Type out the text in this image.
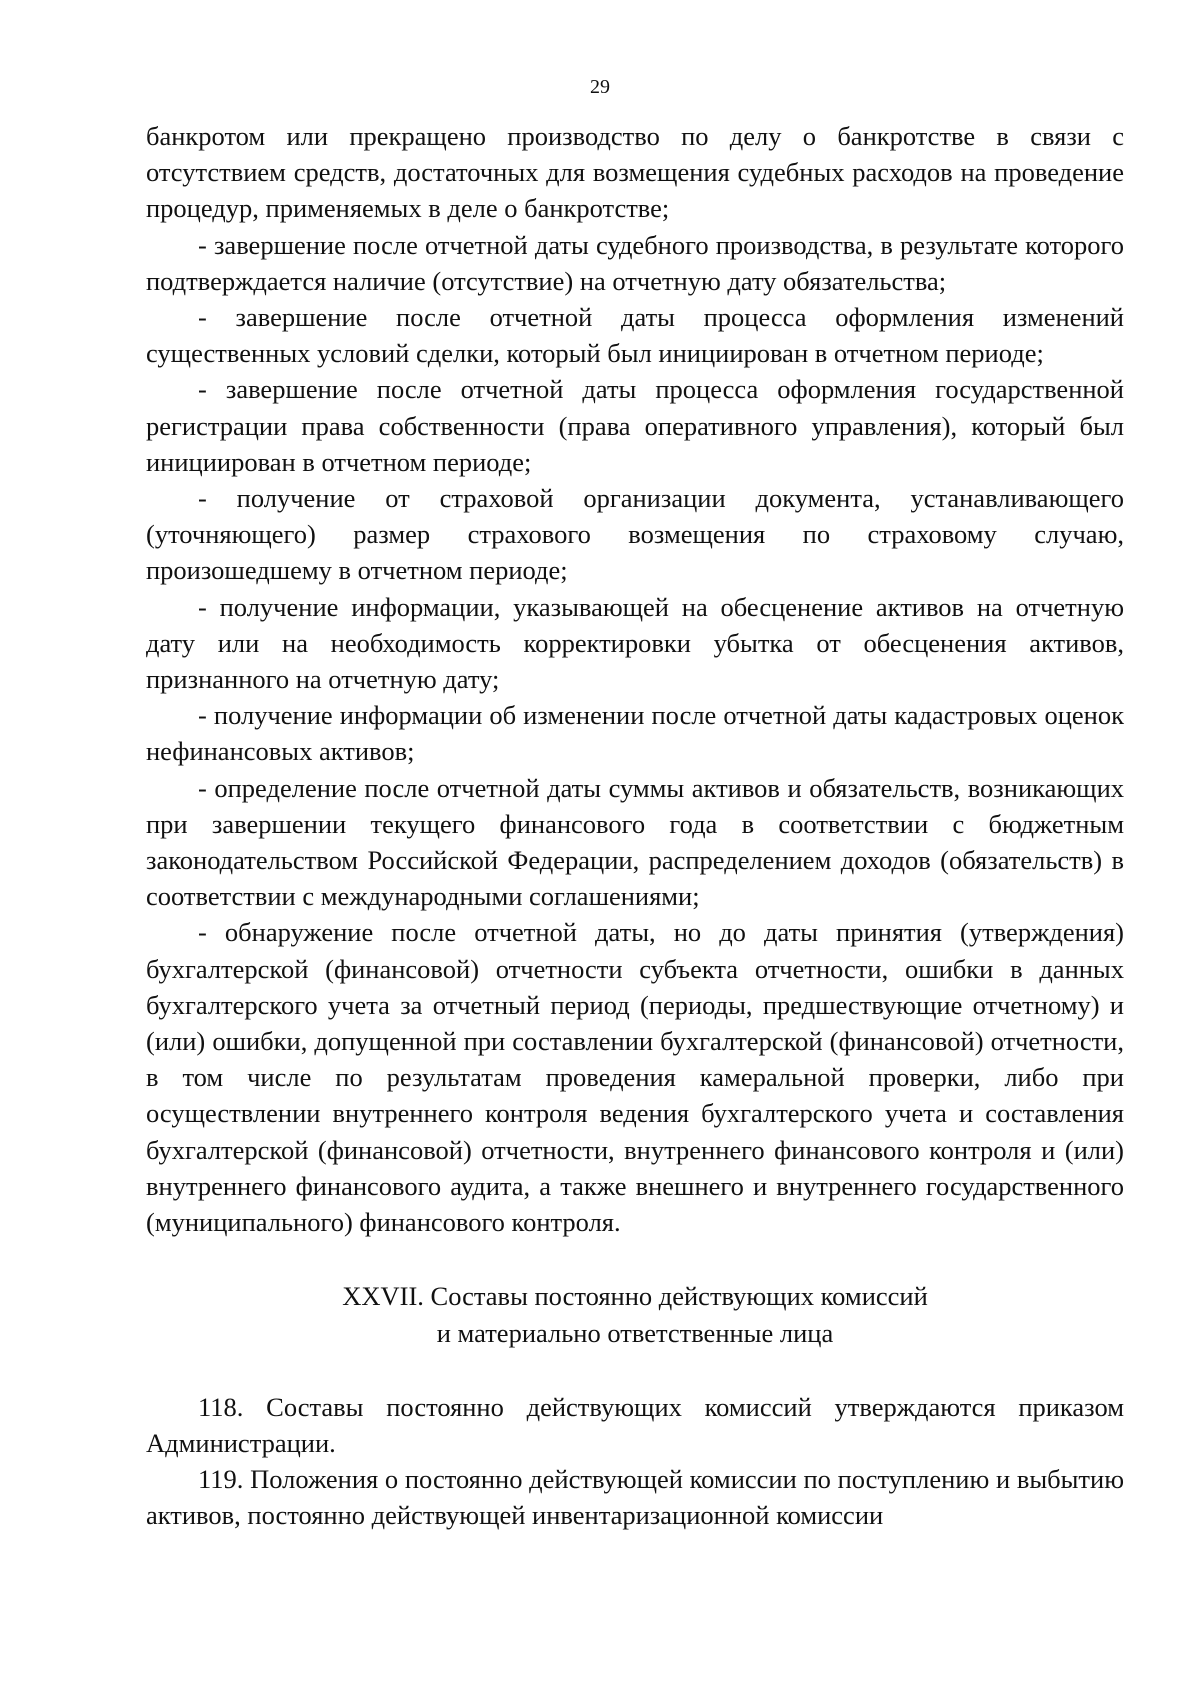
29

банкротом или прекращено производство по делу о банкротстве в связи с отсутствием средств, достаточных для возмещения судебных расходов на проведение процедур, применяемых в деле о банкротстве;

- завершение после отчетной даты судебного производства, в результате которого подтверждается наличие (отсутствие) на отчетную дату обязательства;

- завершение после отчетной даты процесса оформления изменений существенных условий сделки, который был инициирован в отчетном периоде;

- завершение после отчетной даты процесса оформления государственной регистрации права собственности (права оперативного управления), который был инициирован в отчетном периоде;

- получение от страховой организации документа, устанавливающего (уточняющего) размер страхового возмещения по страховому случаю, произошедшему в отчетном периоде;

- получение информации, указывающей на обесценение активов на отчетную дату или на необходимость корректировки убытка от обесценения активов, признанного на отчетную дату;

- получение информации об изменении после отчетной даты кадастровых оценок нефинансовых активов;

- определение после отчетной даты суммы активов и обязательств, возникающих при завершении текущего финансового года в соответствии с бюджетным законодательством Российской Федерации, распределением доходов (обязательств) в соответствии с международными соглашениями;

- обнаружение после отчетной даты, но до даты принятия (утверждения) бухгалтерской (финансовой) отчетности субъекта отчетности, ошибки в данных бухгалтерского учета за отчетный период (периоды, предшествующие отчетному) и (или) ошибки, допущенной при составлении бухгалтерской (финансовой) отчетности, в том числе по результатам проведения камеральной проверки, либо при осуществлении внутреннего контроля ведения бухгалтерского учета и составления бухгалтерской (финансовой) отчетности, внутреннего финансового контроля и (или) внутреннего финансового аудита, а также внешнего и внутреннего государственного (муниципального) финансового контроля.

XXVII. Составы постоянно действующих комиссий

и материально ответственные лица

118. Составы постоянно действующих комиссий утверждаются приказом Администрации.

119. Положения о постоянно действующей комиссии по поступлению и выбытию активов, постоянно действующей инвентаризационной комиссии
